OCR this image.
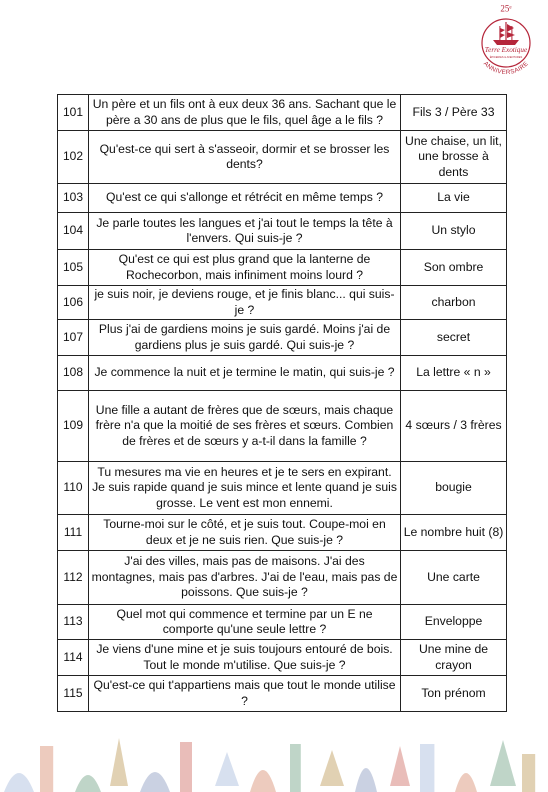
25e
Terre Exotique
ÉPICERIES & AVENTURES
ANNIVERSAIRE
101	Un père et un fils ont à eux deux 36 ans. Sachant que le père a 30 ans de plus que le fils, quel âge a le fils ?	Fils 3 / Père 33
102	Qu'est-ce qui sert à s'asseoir, dormir et se brosser les dents?	Une chaise, un lit, une brosse à dents
103	Qu'est ce qui s'allonge et rétrécit en même temps ?	La vie
104	Je parle toutes les langues et j'ai tout le temps la tête à l'envers. Qui suis-je ?	Un stylo
105	Qu'est ce qui est plus grand que la lanterne de Rochecorbon, mais infiniment moins lourd ?	Son ombre
106	je suis noir, je deviens rouge, et je finis blanc... qui suis-je ?	charbon
107	Plus j'ai de gardiens moins je suis gardé. Moins j'ai de gardiens plus je suis gardé. Qui suis-je ?	secret
108	Je commence la nuit et je termine le matin, qui suis-je ?	La lettre « n »
109	Une fille a autant de frères que de sœurs, mais chaque frère n'a que la moitié de ses frères et sœurs. Combien de frères et de sœurs y a-t-il dans la famille ?	4 sœurs / 3 frères
110	Tu mesures ma vie en heures et je te sers en expirant. Je suis rapide quand je suis mince et lente quand je suis grosse. Le vent est mon ennemi.	bougie
111	Tourne-moi sur le côté, et je suis tout. Coupe-moi en deux et je ne suis rien. Que suis-je ?	Le nombre huit (8)
112	J'ai des villes, mais pas de maisons. J'ai des montagnes, mais pas d'arbres. J'ai de l'eau, mais pas de poissons. Que suis-je ?	Une carte
113	Quel mot qui commence et termine par un E ne comporte qu'une seule lettre ?	Enveloppe
114	Je viens d'une mine et je suis toujours entouré de bois. Tout le monde m'utilise. Que suis-je ?	Une mine de crayon
115	Qu'est-ce qui t'appartiens mais que tout le monde utilise ?	Ton prénom
